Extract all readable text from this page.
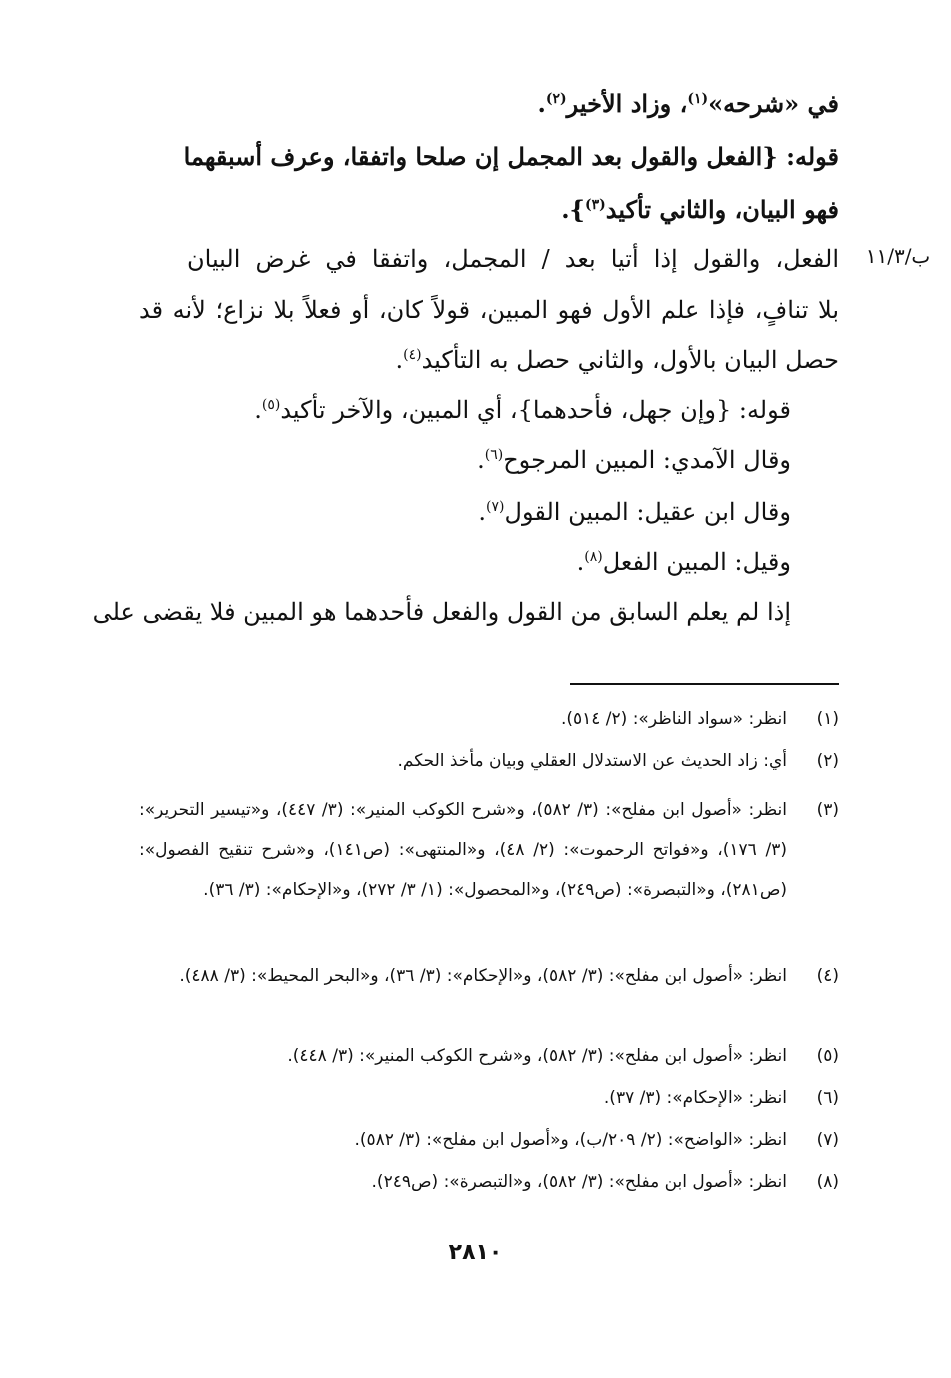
ب/١١/٣
في «شرحه»$^{(١)}$، وزاد الأخير$^{(٢)}$.
قوله: {الفعل والقول بعد المجمل إن صلحا واتفقا، وعرف أسبقهما
فهو البيان، والثاني تأكيد$^{(٣)}$}.
الفعل، والقول إذا أتيا بعد / المجمل، واتفقا في غرض البيان
بلا تنافٍ، فإذا علم الأول فهو المبين، قولاً كان، أو فعلاً بلا نزاع؛ لأنه قد
حصل البيان بالأول، والثاني حصل به التأكيد$^{(٤)}$.
قوله: {وإن جهل، فأحدهما}، أي المبين، والآخر تأكيد$^{(٥)}$.
وقال الآمدي: المبين المرجوح$^{(٦)}$.
وقال ابن عقيل: المبين القول$^{(٧)}$.
وقيل: المبين الفعل$^{(٨)}$.
إذا لم يعلم السابق من القول والفعل فأحدهما هو المبين فلا يقضى على
(١)
انظر: «سواد الناظر»: (٢/ ٥١٤).
(٢)
أي: زاد الحديث عن الاستدلال العقلي وبيان مأخذ الحكم.
(٣)
انظر: «أصول ابن مفلح»: (٣/ ٥٨٢)، و«شرح الكوكب المنير»: (٣/ ٤٤٧)، و«تيسير التحرير»: (٣/ ١٧٦)، و«فواتح الرحموت»: (٢/ ٤٨)، و«المنتهى»: (ص١٤١)، و«شرح تنقيح الفصول»: (ص٢٨١)، و«التبصرة»: (ص٢٤٩)، و«المحصول»: (١/ ٣/ ٢٧٢)، و«الإحكام»: (٣/ ٣٦).
(٤)
انظر: «أصول ابن مفلح»: (٣/ ٥٨٢)، و«الإحكام»: (٣/ ٣٦)، و«البحر المحيط»: (٣/ ٤٨٨).
(٥)
انظر: «أصول ابن مفلح»: (٣/ ٥٨٢)، و«شرح الكوكب المنير»: (٣/ ٤٤٨).
(٦)
انظر: «الإحكام»: (٣/ ٣٧).
(٧)
انظر: «الواضح»: (٢/ ٢٠٩/ب)، و«أصول ابن مفلح»: (٣/ ٥٨٢).
(٨)
انظر: «أصول ابن مفلح»: (٣/ ٥٨٢)، و«التبصرة»: (ص٢٤٩).
٢٨١٠
